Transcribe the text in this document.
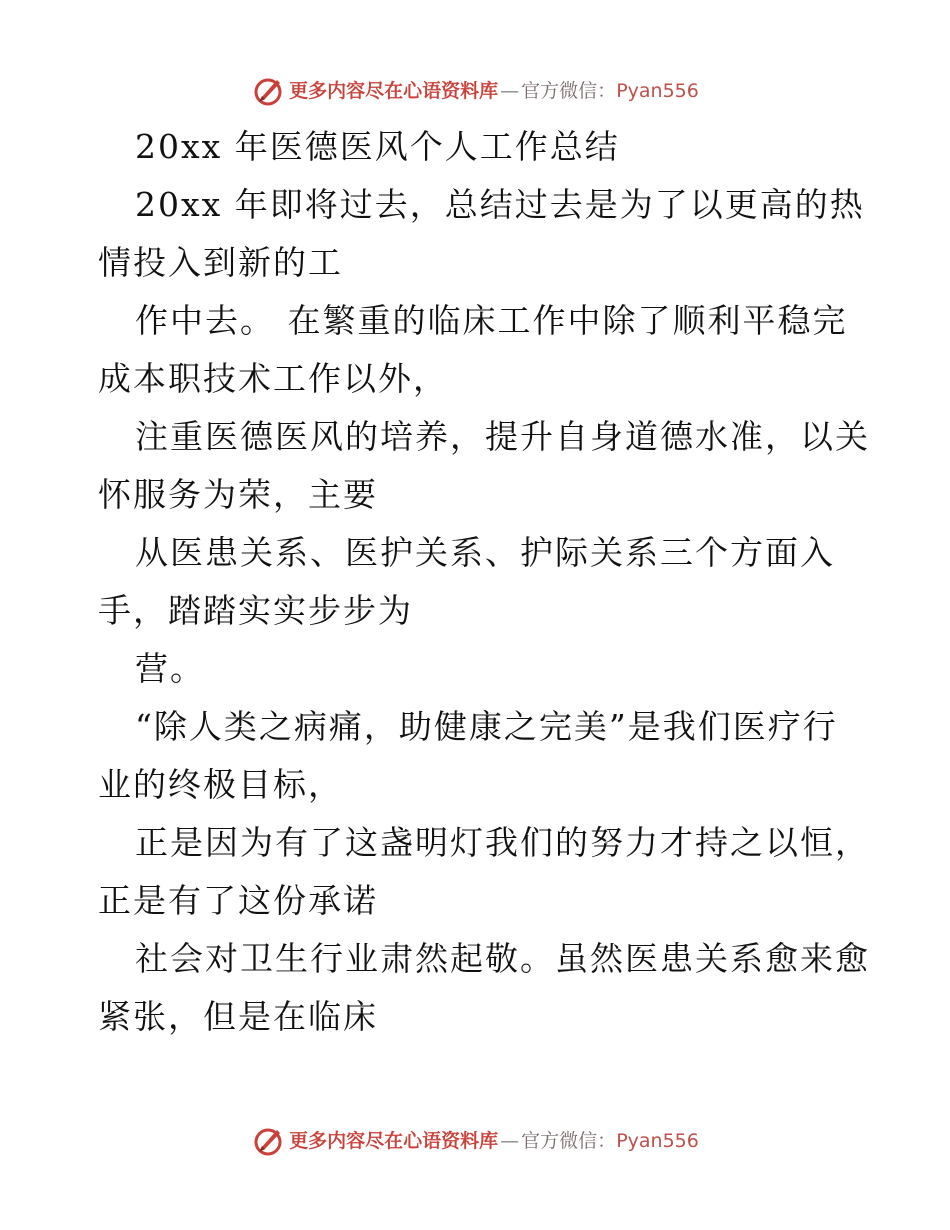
更多内容尽在心语资料库 — 官方微信： Pyan556
20xx 年医德医风个人工作总结
20xx 年即将过去，总结过去是为了以更高的热
情投入到新的工
作中去。 在繁重的临床工作中除了顺利平稳完
成本职技术工作以外，
注重医德医风的培养，提升自身道德水准，以关
怀服务为荣，主要
从医患关系、医护关系、护际关系三个方面入
手，踏踏实实步步为
营。
“除人类之病痛，助健康之完美”是我们医疗行
业的终极目标，
正是因为有了这盏明灯我们的努力才持之以恒，
正是有了这份承诺
社会对卫生行业肃然起敬。虽然医患关系愈来愈
紧张，但是在临床
更多内容尽在心语资料库 — 官方微信： Pyan556
